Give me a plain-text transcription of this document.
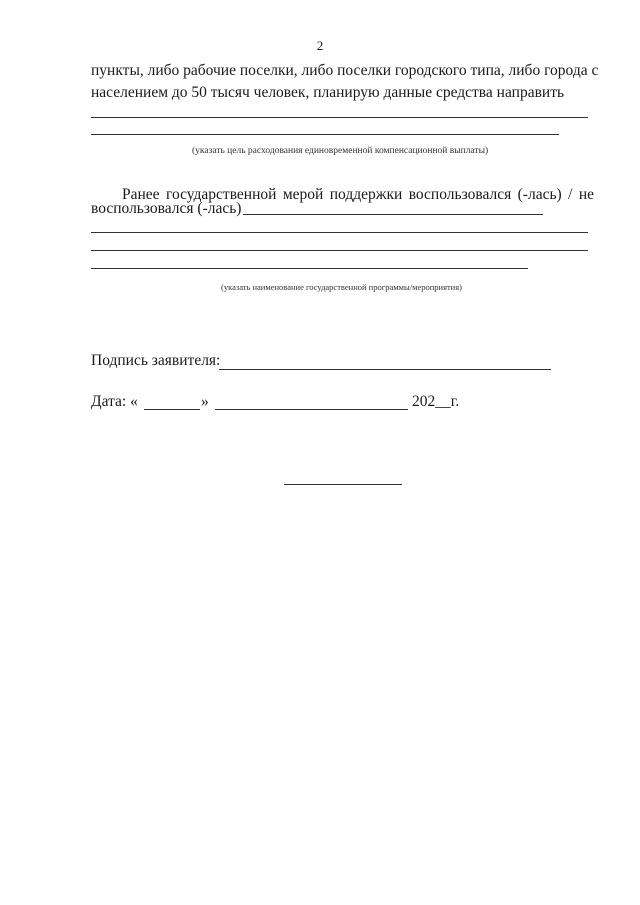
2
пункты, либо рабочие поселки, либо поселки городского типа, либо города с
населением до 50 тысяч человек, планирую данные средства направить
(указать цель расходования единовременной компенсационной выплаты)
Ранее государственной мерой поддержки воспользовался (-лась) / не
воспользовался (-лась)
(указать наименование государственной программы/мероприятия)
Подпись заявителя:
Дата: «	»	202__г.
